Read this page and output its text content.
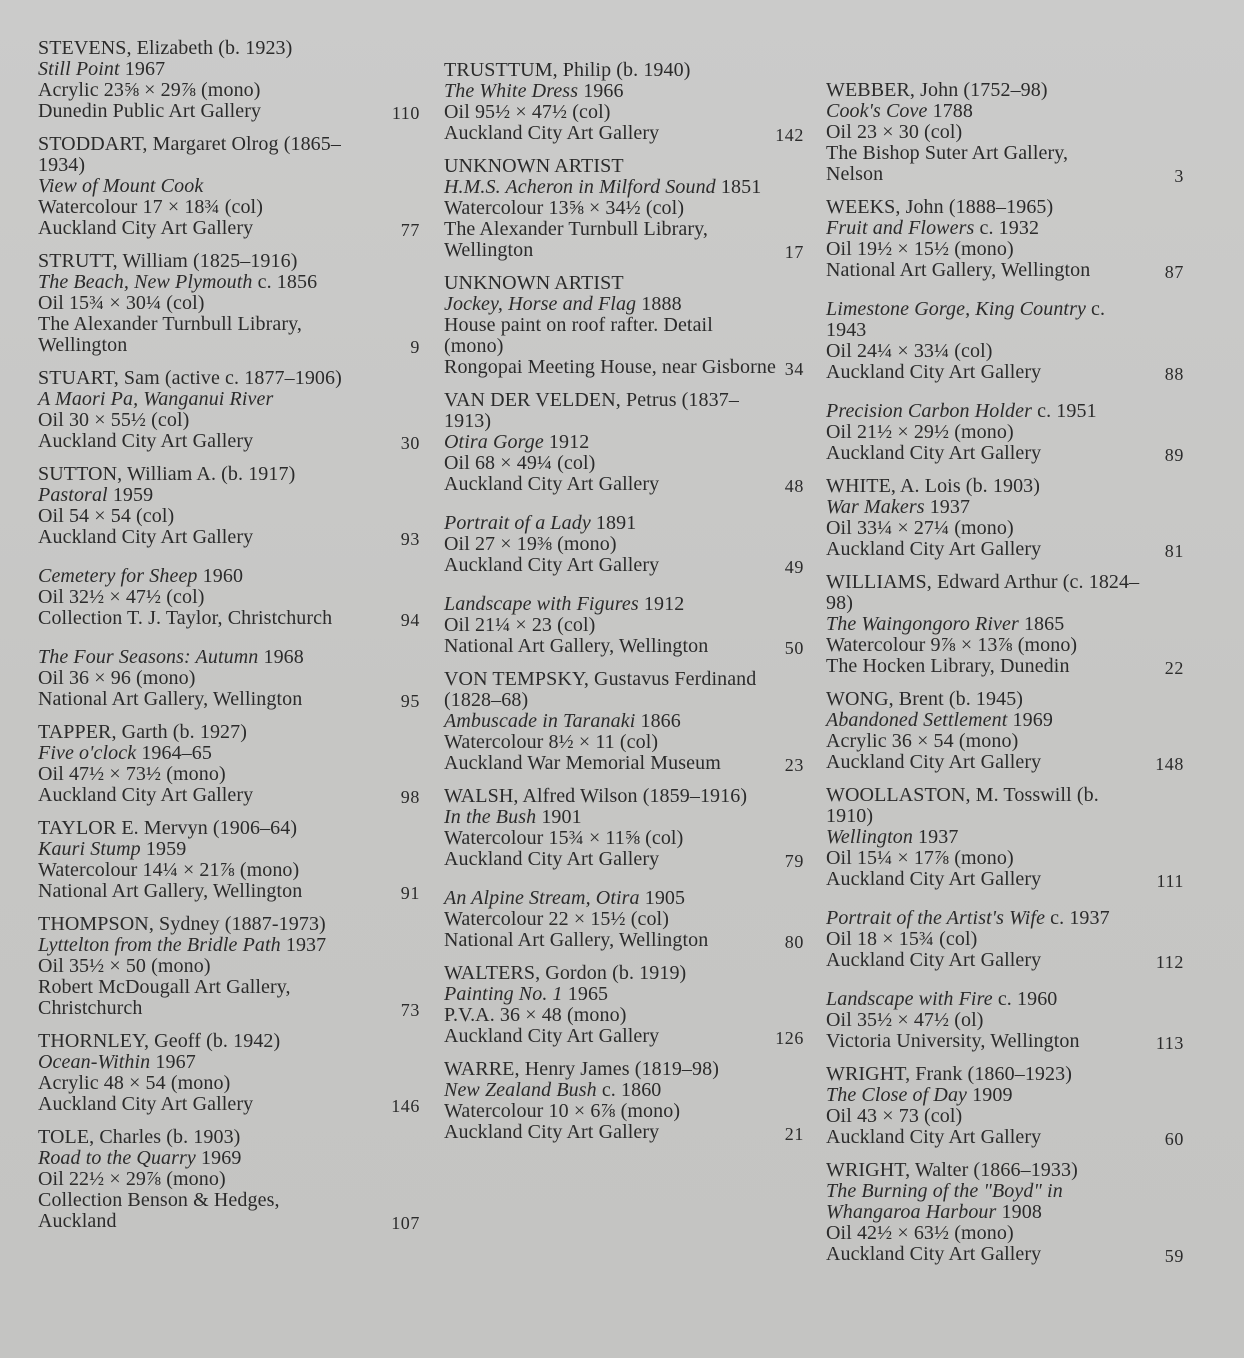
STEVENS, Elizabeth (b. 1923)
Still Point 1967
Acrylic 23⅝ × 29⅞ (mono)
Dunedin Public Art Gallery	110
STODDART, Margaret Olrog (1865–1934)
View of Mount Cook
Watercolour 17 × 18¾ (col)
Auckland City Art Gallery	77
STRUTT, William (1825–1916)
The Beach, New Plymouth c. 1856
Oil 15¾ × 30¼ (col)
The Alexander Turnbull Library,
Wellington	9
STUART, Sam (active c. 1877–1906)
A Maori Pa, Wanganui River
Oil 30 × 55½ (col)
Auckland City Art Gallery	30
SUTTON, William A. (b. 1917)
Pastoral 1959
Oil 54 × 54 (col)
Auckland City Art Gallery	93
Cemetery for Sheep 1960
Oil 32½ × 47½ (col)
Collection T. J. Taylor, Christchurch	94
The Four Seasons: Autumn 1968
Oil 36 × 96 (mono)
National Art Gallery, Wellington	95
TAPPER, Garth (b. 1927)
Five o'clock 1964–65
Oil 47½ × 73½ (mono)
Auckland City Art Gallery	98
TAYLOR E. Mervyn (1906–64)
Kauri Stump 1959
Watercolour 14¼ × 21⅞ (mono)
National Art Gallery, Wellington	91
THOMPSON, Sydney (1887-1973)
Lyttelton from the Bridle Path 1937
Oil 35½ × 50 (mono)
Robert McDougall Art Gallery,
Christchurch	73
THORNLEY, Geoff (b. 1942)
Ocean-Within 1967
Acrylic 48 × 54 (mono)
Auckland City Art Gallery	146
TOLE, Charles (b. 1903)
Road to the Quarry 1969
Oil 22½ × 29⅞ (mono)
Collection Benson & Hedges,
Auckland	107
TRUSTTUM, Philip (b. 1940)
The White Dress 1966
Oil 95½ × 47½ (col)
Auckland City Art Gallery	142
UNKNOWN ARTIST
H.M.S. Acheron in Milford Sound 1851
Watercolour 13⅝ × 34½ (col)
The Alexander Turnbull Library,
Wellington	17
UNKNOWN ARTIST
Jockey, Horse and Flag 1888
House paint on roof rafter. Detail (mono)
Rongopai Meeting House, near Gisborne 34
VAN DER VELDEN, Petrus (1837–1913)
Otira Gorge 1912
Oil 68 × 49¼ (col)
Auckland City Art Gallery	48
Portrait of a Lady 1891
Oil 27 × 19⅜ (mono)
Auckland City Art Gallery	49
Landscape with Figures 1912
Oil 21¼ × 23 (col)
National Art Gallery, Wellington	50
VON TEMPSKY, Gustavus Ferdinand (1828–68)
Ambuscade in Taranaki 1866
Watercolour 8½ × 11 (col)
Auckland War Memorial Museum	23
WALSH, Alfred Wilson (1859–1916)
In the Bush 1901
Watercolour 15¾ × 11⅝ (col)
Auckland City Art Gallery	79
An Alpine Stream, Otira 1905
Watercolour 22 × 15½ (col)
National Art Gallery, Wellington	80
WALTERS, Gordon (b. 1919)
Painting No. 1 1965
P.V.A. 36 × 48 (mono)
Auckland City Art Gallery	126
WARRE, Henry James (1819–98)
New Zealand Bush c. 1860
Watercolour 10 × 6⅞ (mono)
Auckland City Art Gallery	21
WEBBER, John (1752–98)
Cook's Cove 1788
Oil 23 × 30 (col)
The Bishop Suter Art Gallery,
Nelson	3
WEEKS, John (1888–1965)
Fruit and Flowers c. 1932
Oil 19½ × 15½ (mono)
National Art Gallery, Wellington	87
Limestone Gorge, King Country c. 1943
Oil 24¼ × 33¼ (col)
Auckland City Art Gallery	88
Precision Carbon Holder c. 1951
Oil 21½ × 29½ (mono)
Auckland City Art Gallery	89
WHITE, A. Lois (b. 1903)
War Makers 1937
Oil 33¼ × 27¼ (mono)
Auckland City Art Gallery	81
WILLIAMS, Edward Arthur (c. 1824–98)
The Waingongoro River 1865
Watercolour 9⅞ × 13⅞ (mono)
The Hocken Library, Dunedin	22
WONG, Brent (b. 1945)
Abandoned Settlement 1969
Acrylic 36 × 54 (mono)
Auckland City Art Gallery	148
WOOLLASTON, M. Tosswill (b. 1910)
Wellington 1937
Oil 15¼ × 17⅞ (mono)
Auckland City Art Gallery	111
Portrait of the Artist's Wife c. 1937
Oil 18 × 15¾ (col)
Auckland City Art Gallery	112
Landscape with Fire c. 1960
Oil 35½ × 47½ (ol)
Victoria University, Wellington	113
WRIGHT, Frank (1860–1923)
The Close of Day 1909
Oil 43 × 73 (col)
Auckland City Art Gallery	60
WRIGHT, Walter (1866–1933)
The Burning of the "Boyd" in Whangaroa Harbour 1908
Oil 42½ × 63½ (mono)
Auckland City Art Gallery	59
